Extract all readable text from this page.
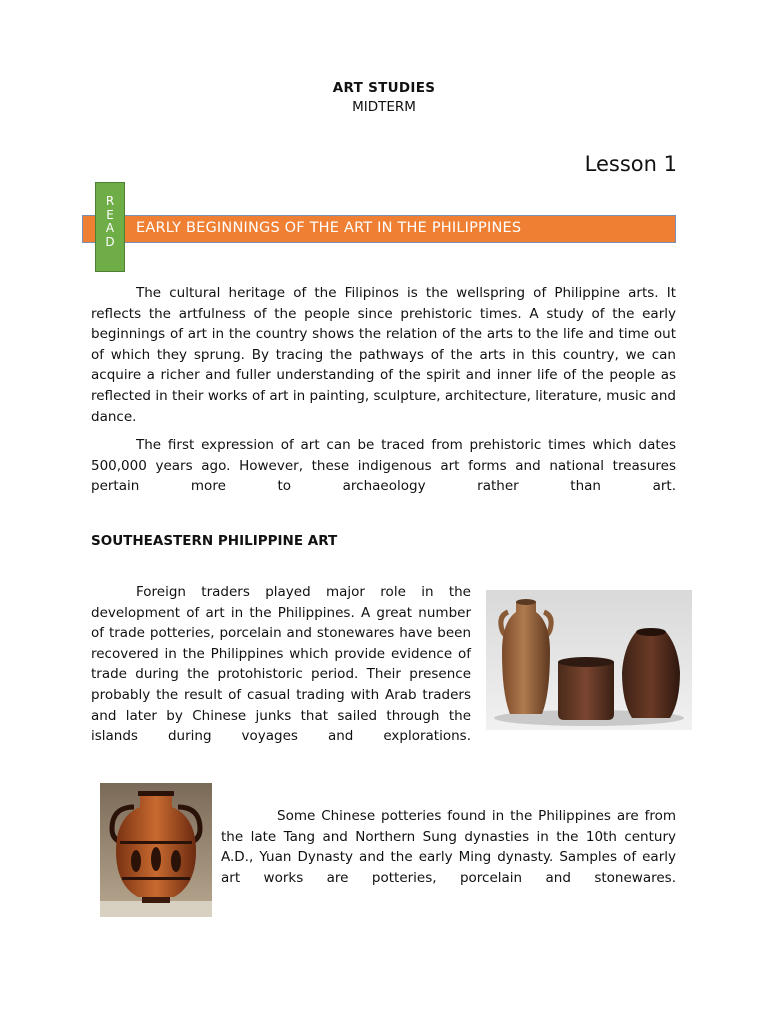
ART STUDIES
MIDTERM
Lesson 1
EARLY BEGINNINGS OF THE ART IN THE PHILIPPINES
R
E
A
D

The cultural heritage of the Filipinos is the wellspring of Philippine arts. It reflects the artfulness of the people since prehistoric times. A study of the early beginnings of art in the country shows the relation of the arts to the life and time out of which they sprung. By tracing the pathways of the arts in this country, we can acquire a richer and fuller understanding of the spirit and inner life of the people as reflected in their works of art in painting, sculpture, architecture, literature, music and dance.

The first expression of art can be traced from prehistoric times which dates 500,000 years ago. However, these indigenous art forms and national treasures pertain more to archaeology rather than art.

SOUTHEASTERN PHILIPPINE ART

Foreign traders played major role in the development of art in the Philippines. A great number of trade potteries, porcelain and stonewares have been recovered in the Philippines which provide evidence of trade during the protohistoric period. Their presence probably the result of casual trading with Arab traders and later by Chinese junks that sailed through the islands during voyages and explorations.

Some Chinese potteries found in the Philippines are from the late Tang and Northern Sung dynasties in the 10th century A.D., Yuan Dynasty and the early Ming dynasty. Samples of early art works are potteries, porcelain and stonewares.
